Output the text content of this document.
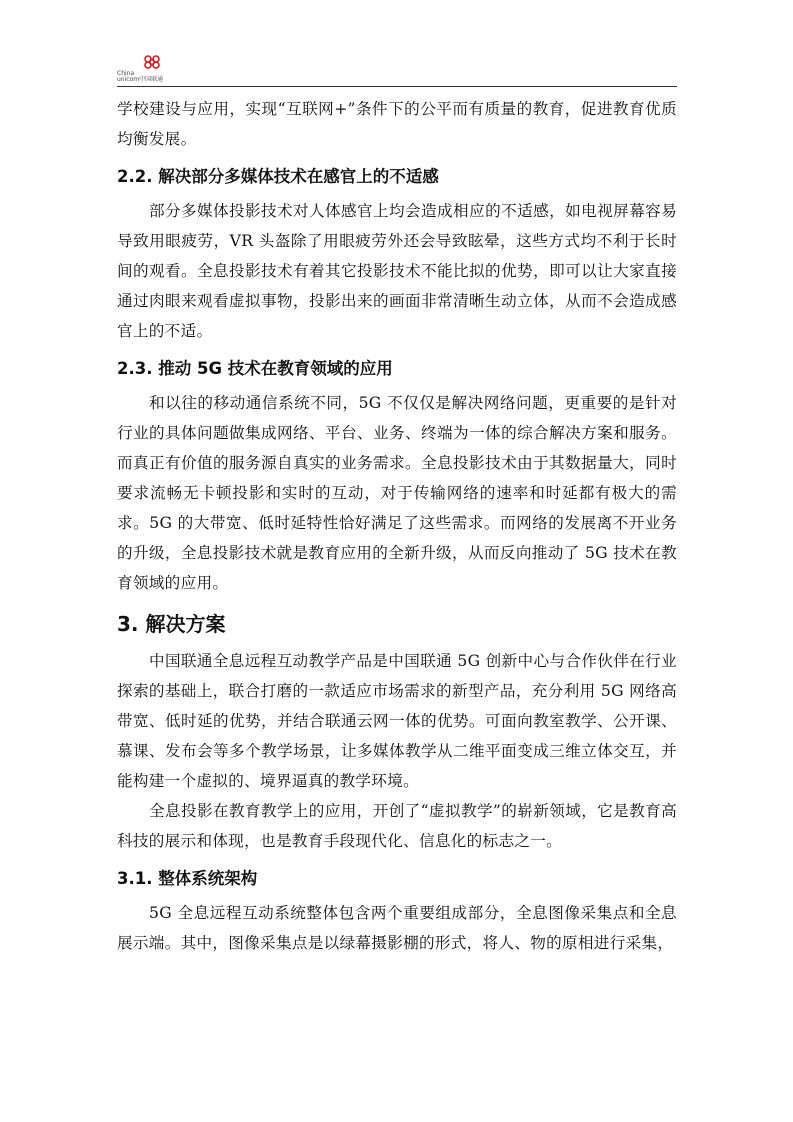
China
unicom中国联通

学校建设与应用，实现“互联网+”条件下的公平而有质量的教育，促进教育优质均衡发展。

2.2. 解决部分多媒体技术在感官上的不适感

部分多媒体投影技术对人体感官上均会造成相应的不适感，如电视屏幕容易导致用眼疲劳，VR 头盔除了用眼疲劳外还会导致眩晕，这些方式均不利于长时间的观看。全息投影技术有着其它投影技术不能比拟的优势，即可以让大家直接通过肉眼来观看虚拟事物，投影出来的画面非常清晰生动立体，从而不会造成感官上的不适。

2.3. 推动 5G 技术在教育领域的应用

和以往的移动通信系统不同，5G 不仅仅是解决网络问题，更重要的是针对行业的具体问题做集成网络、平台、业务、终端为一体的综合解决方案和服务。而真正有价值的服务源自真实的业务需求。全息投影技术由于其数据量大，同时要求流畅无卡顿投影和实时的互动，对于传输网络的速率和时延都有极大的需求。5G 的大带宽、低时延特性恰好满足了这些需求。而网络的发展离不开业务的升级，全息投影技术就是教育应用的全新升级，从而反向推动了 5G 技术在教育领域的应用。

3. 解决方案

中国联通全息远程互动教学产品是中国联通 5G 创新中心与合作伙伴在行业探索的基础上，联合打磨的一款适应市场需求的新型产品，充分利用 5G 网络高带宽、低时延的优势，并结合联通云网一体的优势。可面向教室教学、公开课、慕课、发布会等多个教学场景，让多媒体教学从二维平面变成三维立体交互，并能构建一个虚拟的、境界逼真的教学环境。

全息投影在教育教学上的应用，开创了“虚拟教学”的崭新领域，它是教育高科技的展示和体现，也是教育手段现代化、信息化的标志之一。

3.1. 整体系统架构

5G 全息远程互动系统整体包含两个重要组成部分，全息图像采集点和全息展示端。其中，图像采集点是以绿幕摄影棚的形式，将人、物的原相进行采集，
